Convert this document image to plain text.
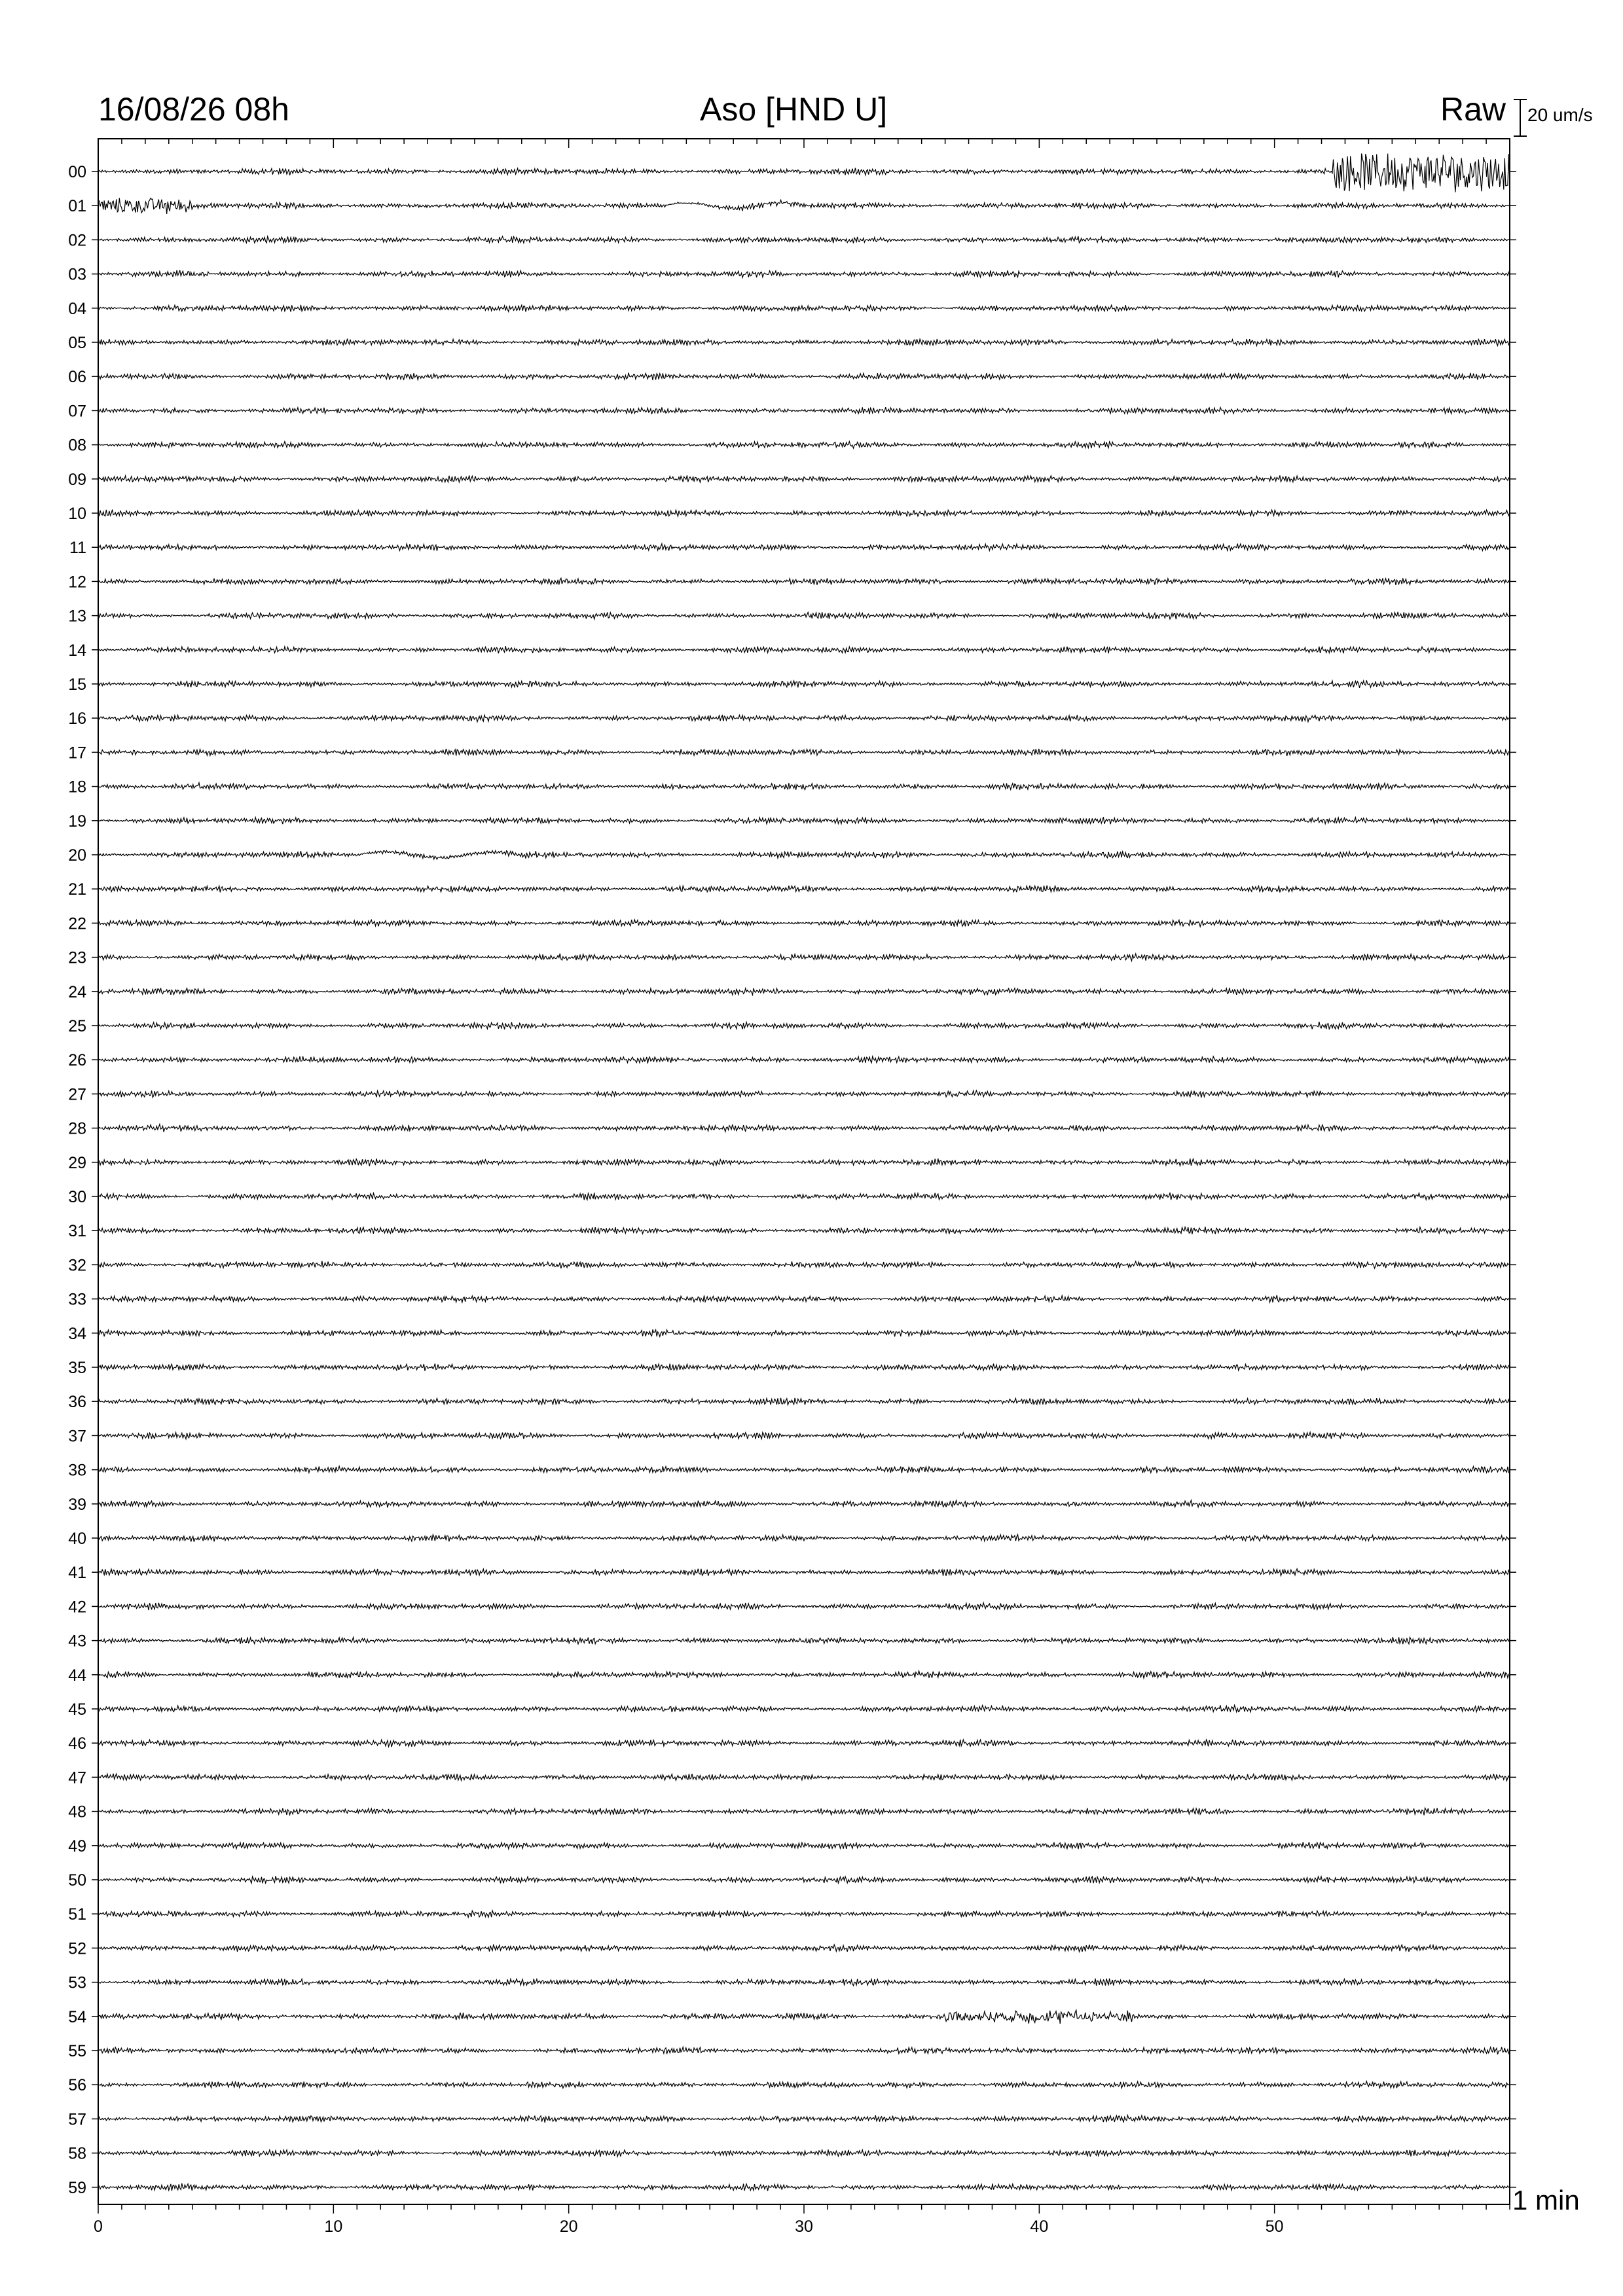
16/08/26 08h	Aso [HND U]	Raw 20 um/s
1 min
0	10	20	30	40	50
00
01
02
03
04
05
06
07
08
09
10
11
12
13
14
15
16
17
18
19
20
21
22
23
24
25
26
27
28
29
30
31
32
33
34
35
36
37
38
39
40
41
42
43
44
45
46
47
48
49
50
51
52
53
54
55
56
57
58
59
